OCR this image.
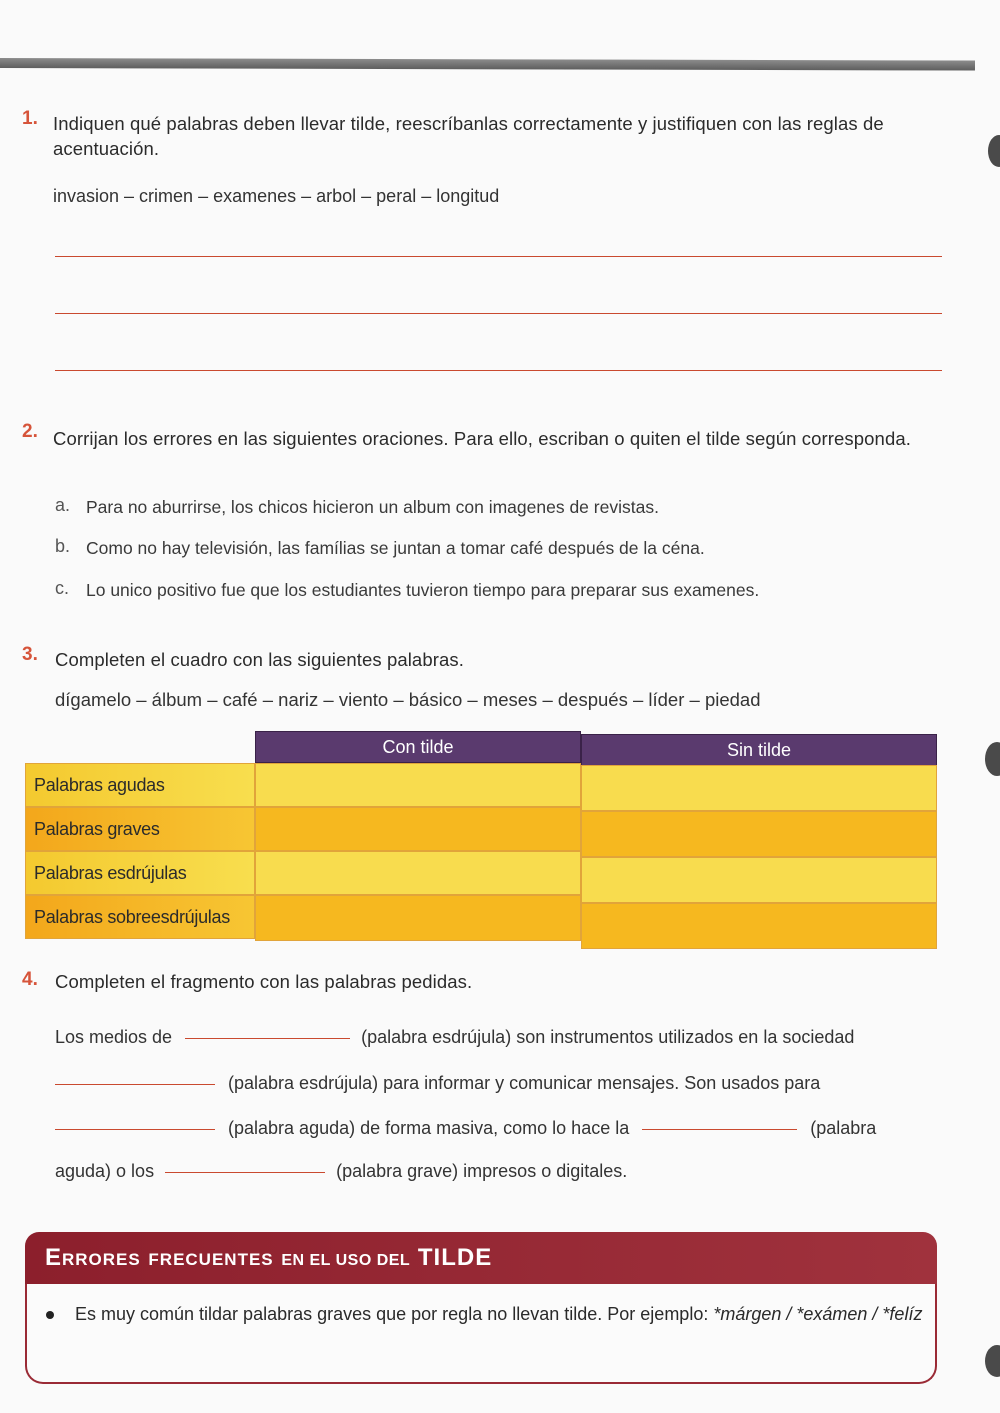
1. Indiquen qué palabras deben llevar tilde, reescríbanlas correctamente y justifiquen con las reglas de acentuación.
invasion – crimen – examenes – arbol – peral – longitud
2. Corrijan los errores en las siguientes oraciones. Para ello, escriban o quiten el tilde según corresponda.
a. Para no aburrirse, los chicos hicieron un album con imagenes de revistas.
b. Como no hay televisión, las famílias se juntan a tomar café después de la céna.
c. Lo unico positivo fue que los estudiantes tuvieron tiempo para preparar sus examenes.
3. Completen el cuadro con las siguientes palabras.
dígamelo – álbum – café – nariz – viento – básico – meses – después – líder – piedad
Con tilde	Sin tilde
Palabras agudas
Palabras graves
Palabras esdrújulas
Palabras sobreesdrújulas
4. Completen el fragmento con las palabras pedidas.
Los medios de	(palabra esdrújula) son instrumentos utilizados en la sociedad
(palabra esdrújula) para informar y comunicar mensajes. Son usados para
(palabra aguda) de forma masiva, como lo hace la	(palabra
aguda) o los	(palabra grave) impresos o digitales.
Errores frecuentes EN EL USO DEL TILDE
Es muy común tildar palabras graves que por regla no llevan tilde. Por ejemplo: *márgen / *exámen / *felíz
